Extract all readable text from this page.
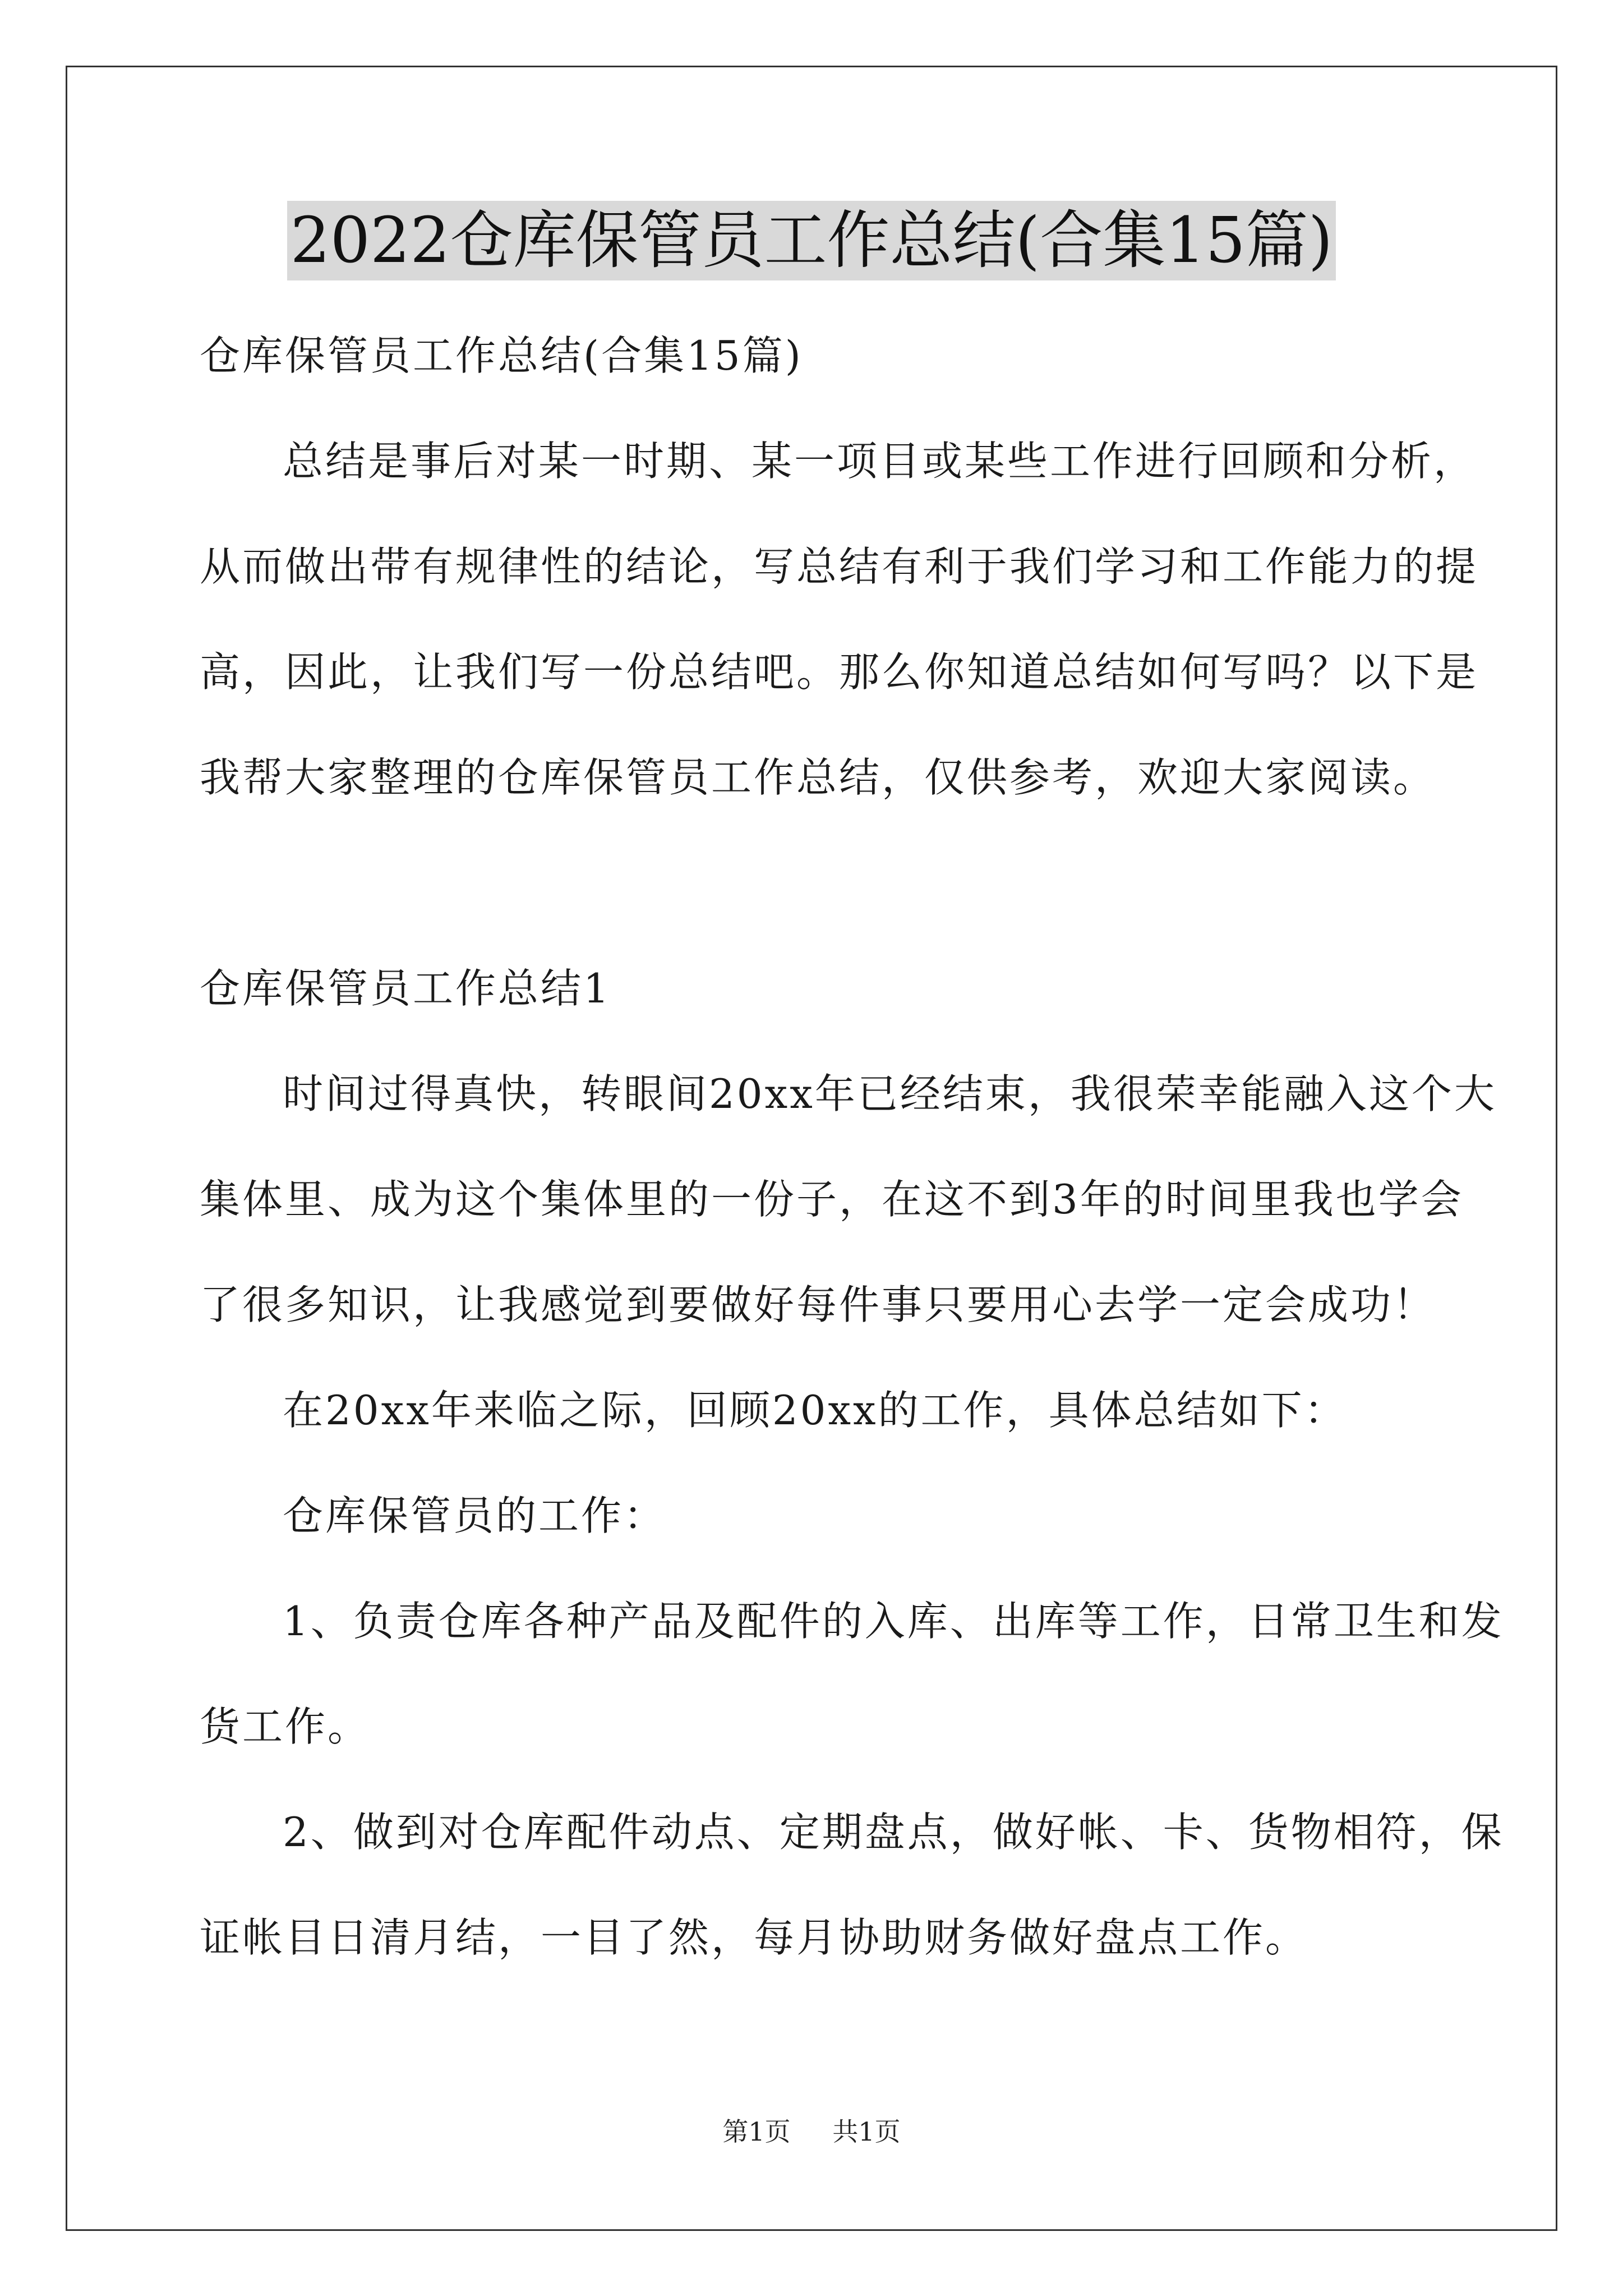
2022仓库保管员工作总结(合集15篇)
仓库保管员工作总结(合集15篇)
总结是事后对某一时期、某一项目或某些工作进行回顾和分析，
从而做出带有规律性的结论，写总结有利于我们学习和工作能力的提
高，因此，让我们写一份总结吧。那么你知道总结如何写吗？以下是
我帮大家整理的仓库保管员工作总结，仅供参考，欢迎大家阅读。
仓库保管员工作总结1
时间过得真快，转眼间20xx年已经结束，我很荣幸能融入这个大
集体里、成为这个集体里的一份子，在这不到3年的时间里我也学会
了很多知识，让我感觉到要做好每件事只要用心去学一定会成功！
在20xx年来临之际，回顾20xx的工作，具体总结如下：
仓库保管员的工作：
1、负责仓库各种产品及配件的入库、出库等工作，日常卫生和发
货工作。
2、做到对仓库配件动点、定期盘点，做好帐、卡、货物相符，保
证帐目日清月结，一目了然，每月协助财务做好盘点工作。
第1页 共1页
